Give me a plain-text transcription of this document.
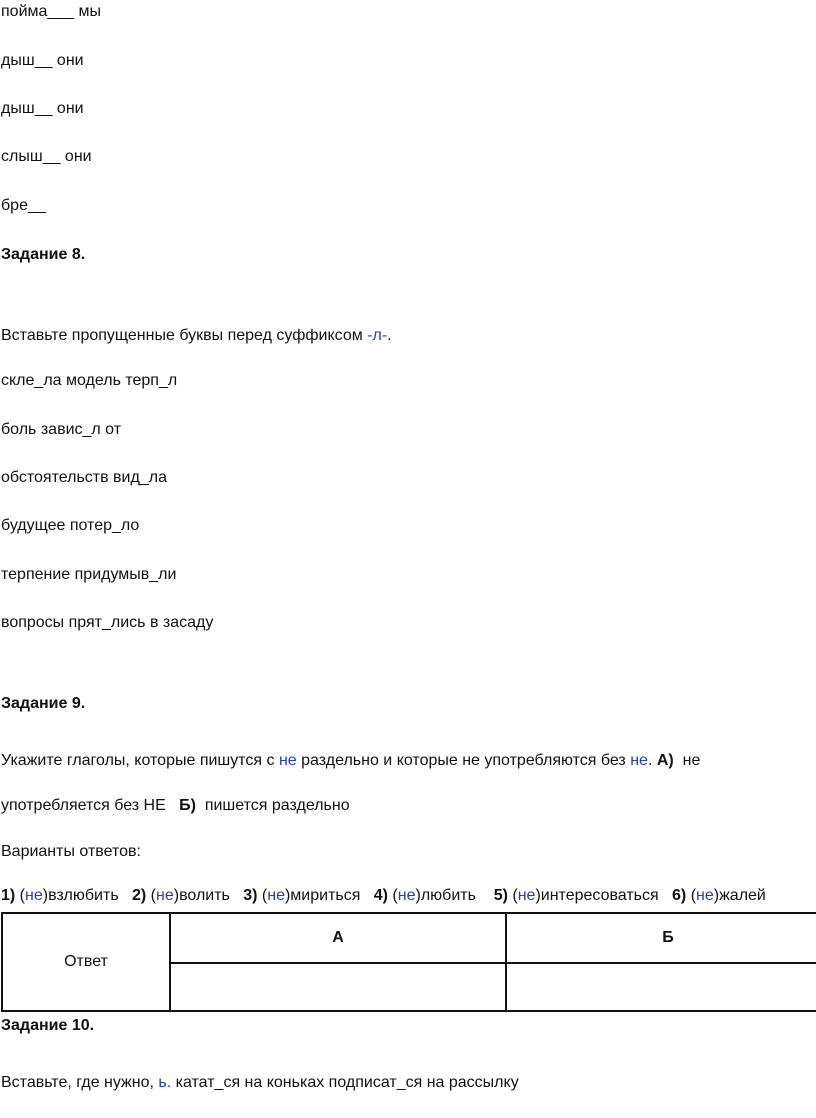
пойма___ мы
дыш__ они
дыш__ они
слыш__ они
бре__
Задание 8.
Вставьте пропущенные буквы перед суффиксом -л-.
скле_ла модель терп_л
боль завис_л от
обстоятельств вид_ла
будущее потер_ло
терпение придумыв_ли
вопросы прят_лись в засаду
Задание 9.
Укажите глаголы, которые пишутся с не раздельно и которые не употребляются без не. А)  не
употребляется без НЕ   Б)  пишется раздельно
Варианты ответов:
1) (не)взлюбить   2) (не)волить   3) (не)мириться   4) (не)любить    5) (не)интересоваться   6) (не)жалей
Ответ	А	Б

Задание 10.
Вставьте, где нужно, ь. катат_ся на коньках подписат_ся на рассылку
